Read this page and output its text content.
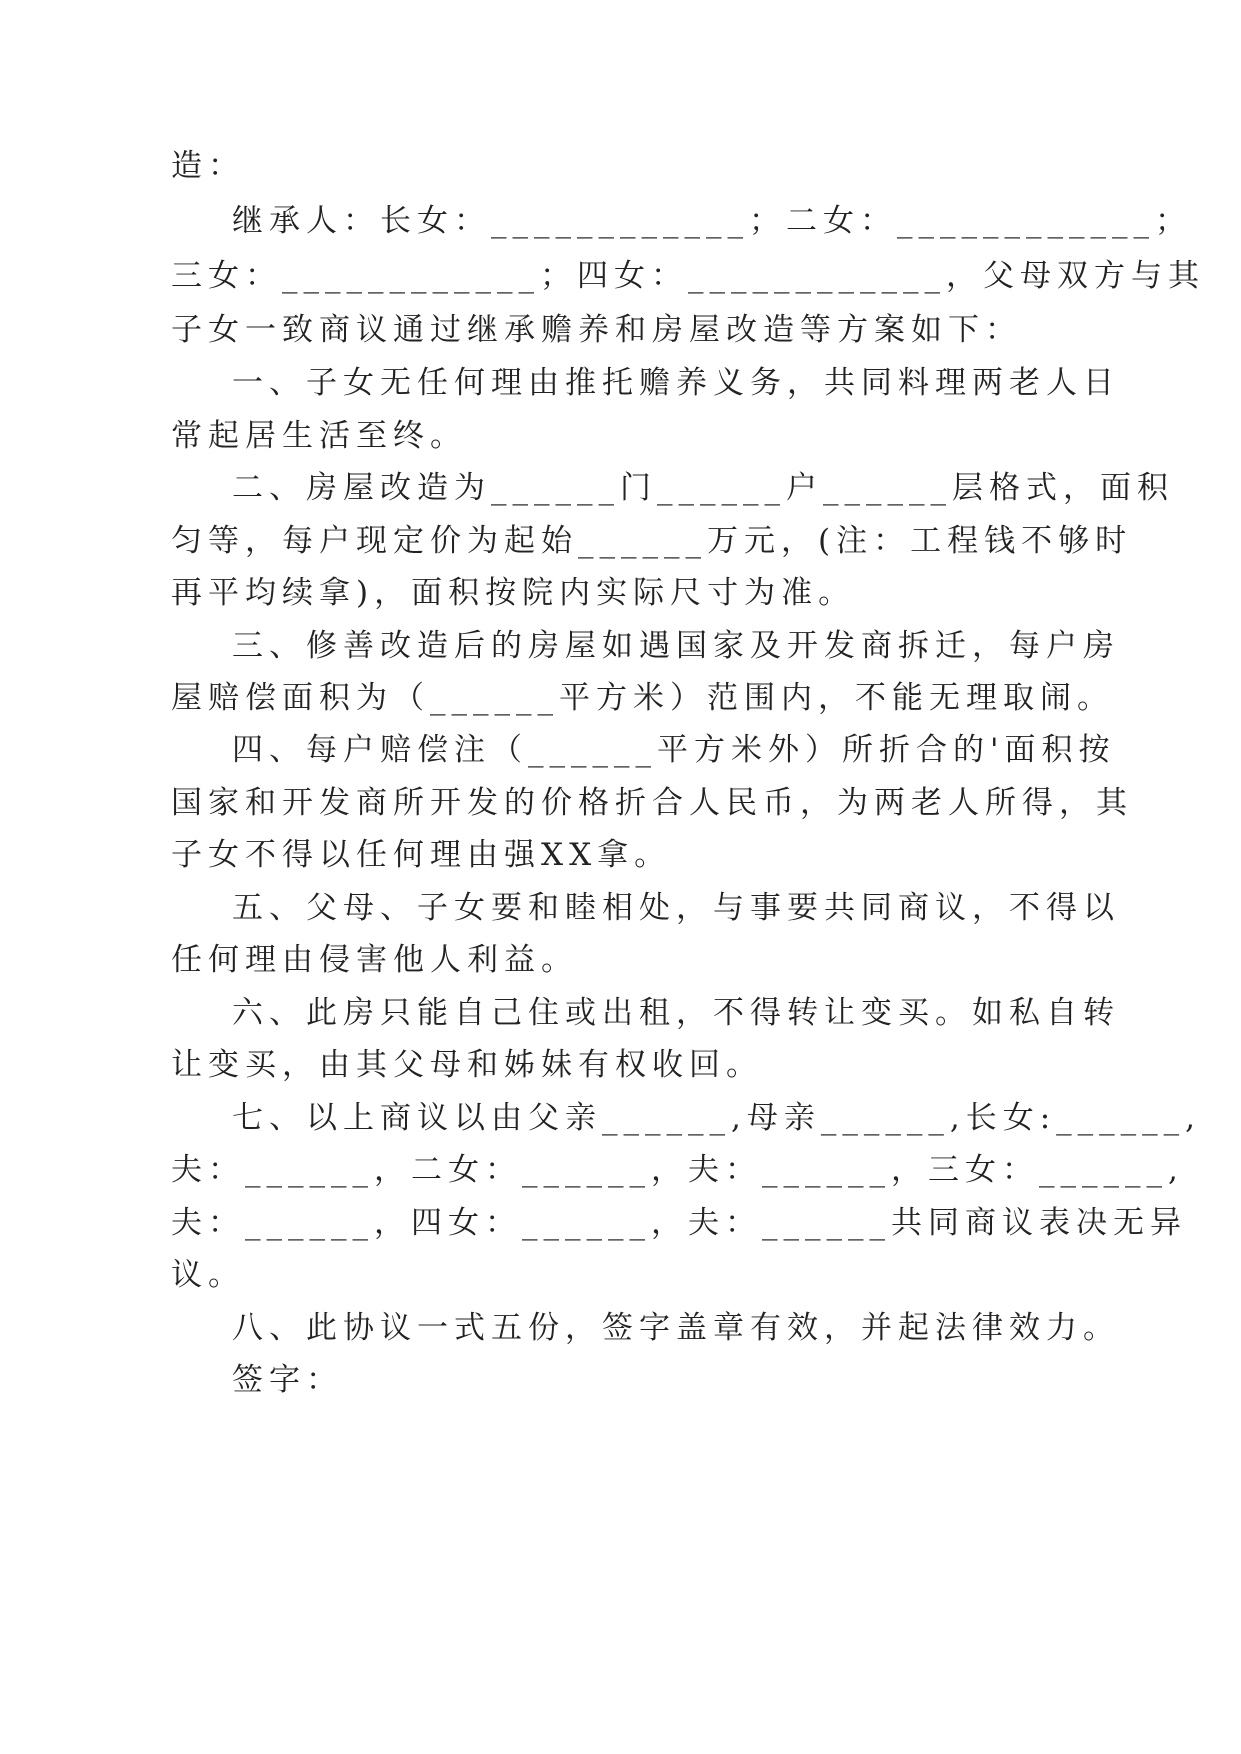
造：
继承人：长女：____________；二女：____________；
三女：____________；四女：____________，父母双方与其
子女一致商议通过继承赡养和房屋改造等方案如下：
一、子女无任何理由推托赡养义务，共同料理两老人日
常起居生活至终。
二、房屋改造为______门______户______层格式，面积
匀等，每户现定价为起始______万元，(注：工程钱不够时
再平均续拿)，面积按院内实际尺寸为准。
三、修善改造后的房屋如遇国家及开发商拆迁，每户房
屋赔偿面积为（______平方米）范围内，不能无理取闹。
四、每户赔偿注（______平方米外）所折合的'面积按
国家和开发商所开发的价格折合人民币，为两老人所得，其
子女不得以任何理由强XX拿。
五、父母、子女要和睦相处，与事要共同商议，不得以
任何理由侵害他人利益。
六、此房只能自己住或出租，不得转让变买。如私自转
让变买，由其父母和姊妹有权收回。
七、以上商议以由父亲______,母亲______,长女:______,
夫：______，二女：______，夫：______，三女：______,
夫：______，四女：______，夫：______共同商议表决无异
议。
八、此协议一式五份，签字盖章有效，并起法律效力。
签字：
